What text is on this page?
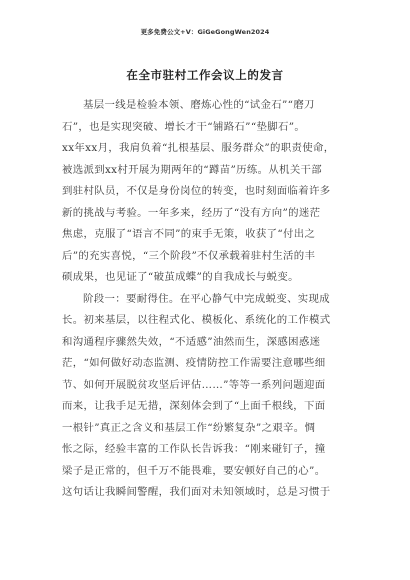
更多免费公文+V：GiGeGongWen2024
在全市驻村工作会议上的发言
基层一线是检验本领、磨炼心性的“试金石”“磨刀
石”，也是实现突破、增长才干“铺路石”“垫脚石”。
xx年xx月，我肩负着“扎根基层、服务群众”的职责使命，
被选派到xx村开展为期两年的“蹲苗”历练。从机关干部
到驻村队员，不仅是身份岗位的转变，也时刻面临着许多
新的挑战与考验。一年多来，经历了“没有方向”的迷茫
焦虑，克服了“语言不同”的束手无策，收获了“付出之
后”的充实喜悦，“三个阶段”不仅承载着驻村生活的丰
硕成果，也见证了“破茧成蝶”的自我成长与蜕变。
阶段一：要耐得住。在平心静气中完成蜕变、实现成
长。初来基层，以往程式化、模板化、系统化的工作模式
和沟通程序骤然失效，“不适感”油然而生，深感困惑迷
茫，“如何做好动态监测、疫情防控工作需要注意哪些细
节、如何开展脱贫攻坚后评估……”等等一系列问题迎面
而来，让我手足无措，深刻体会到了“上面千根线，下面
一根针”真正之含义和基层工作“纷繁复杂”之艰辛。惆
怅之际，经验丰富的工作队长告诉我：“刚来碰钉子，撞
梁子是正常的，但千万不能畏难，要安顿好自己的心”。
这句话让我瞬间警醒，我们面对未知领域时，总是习惯于
